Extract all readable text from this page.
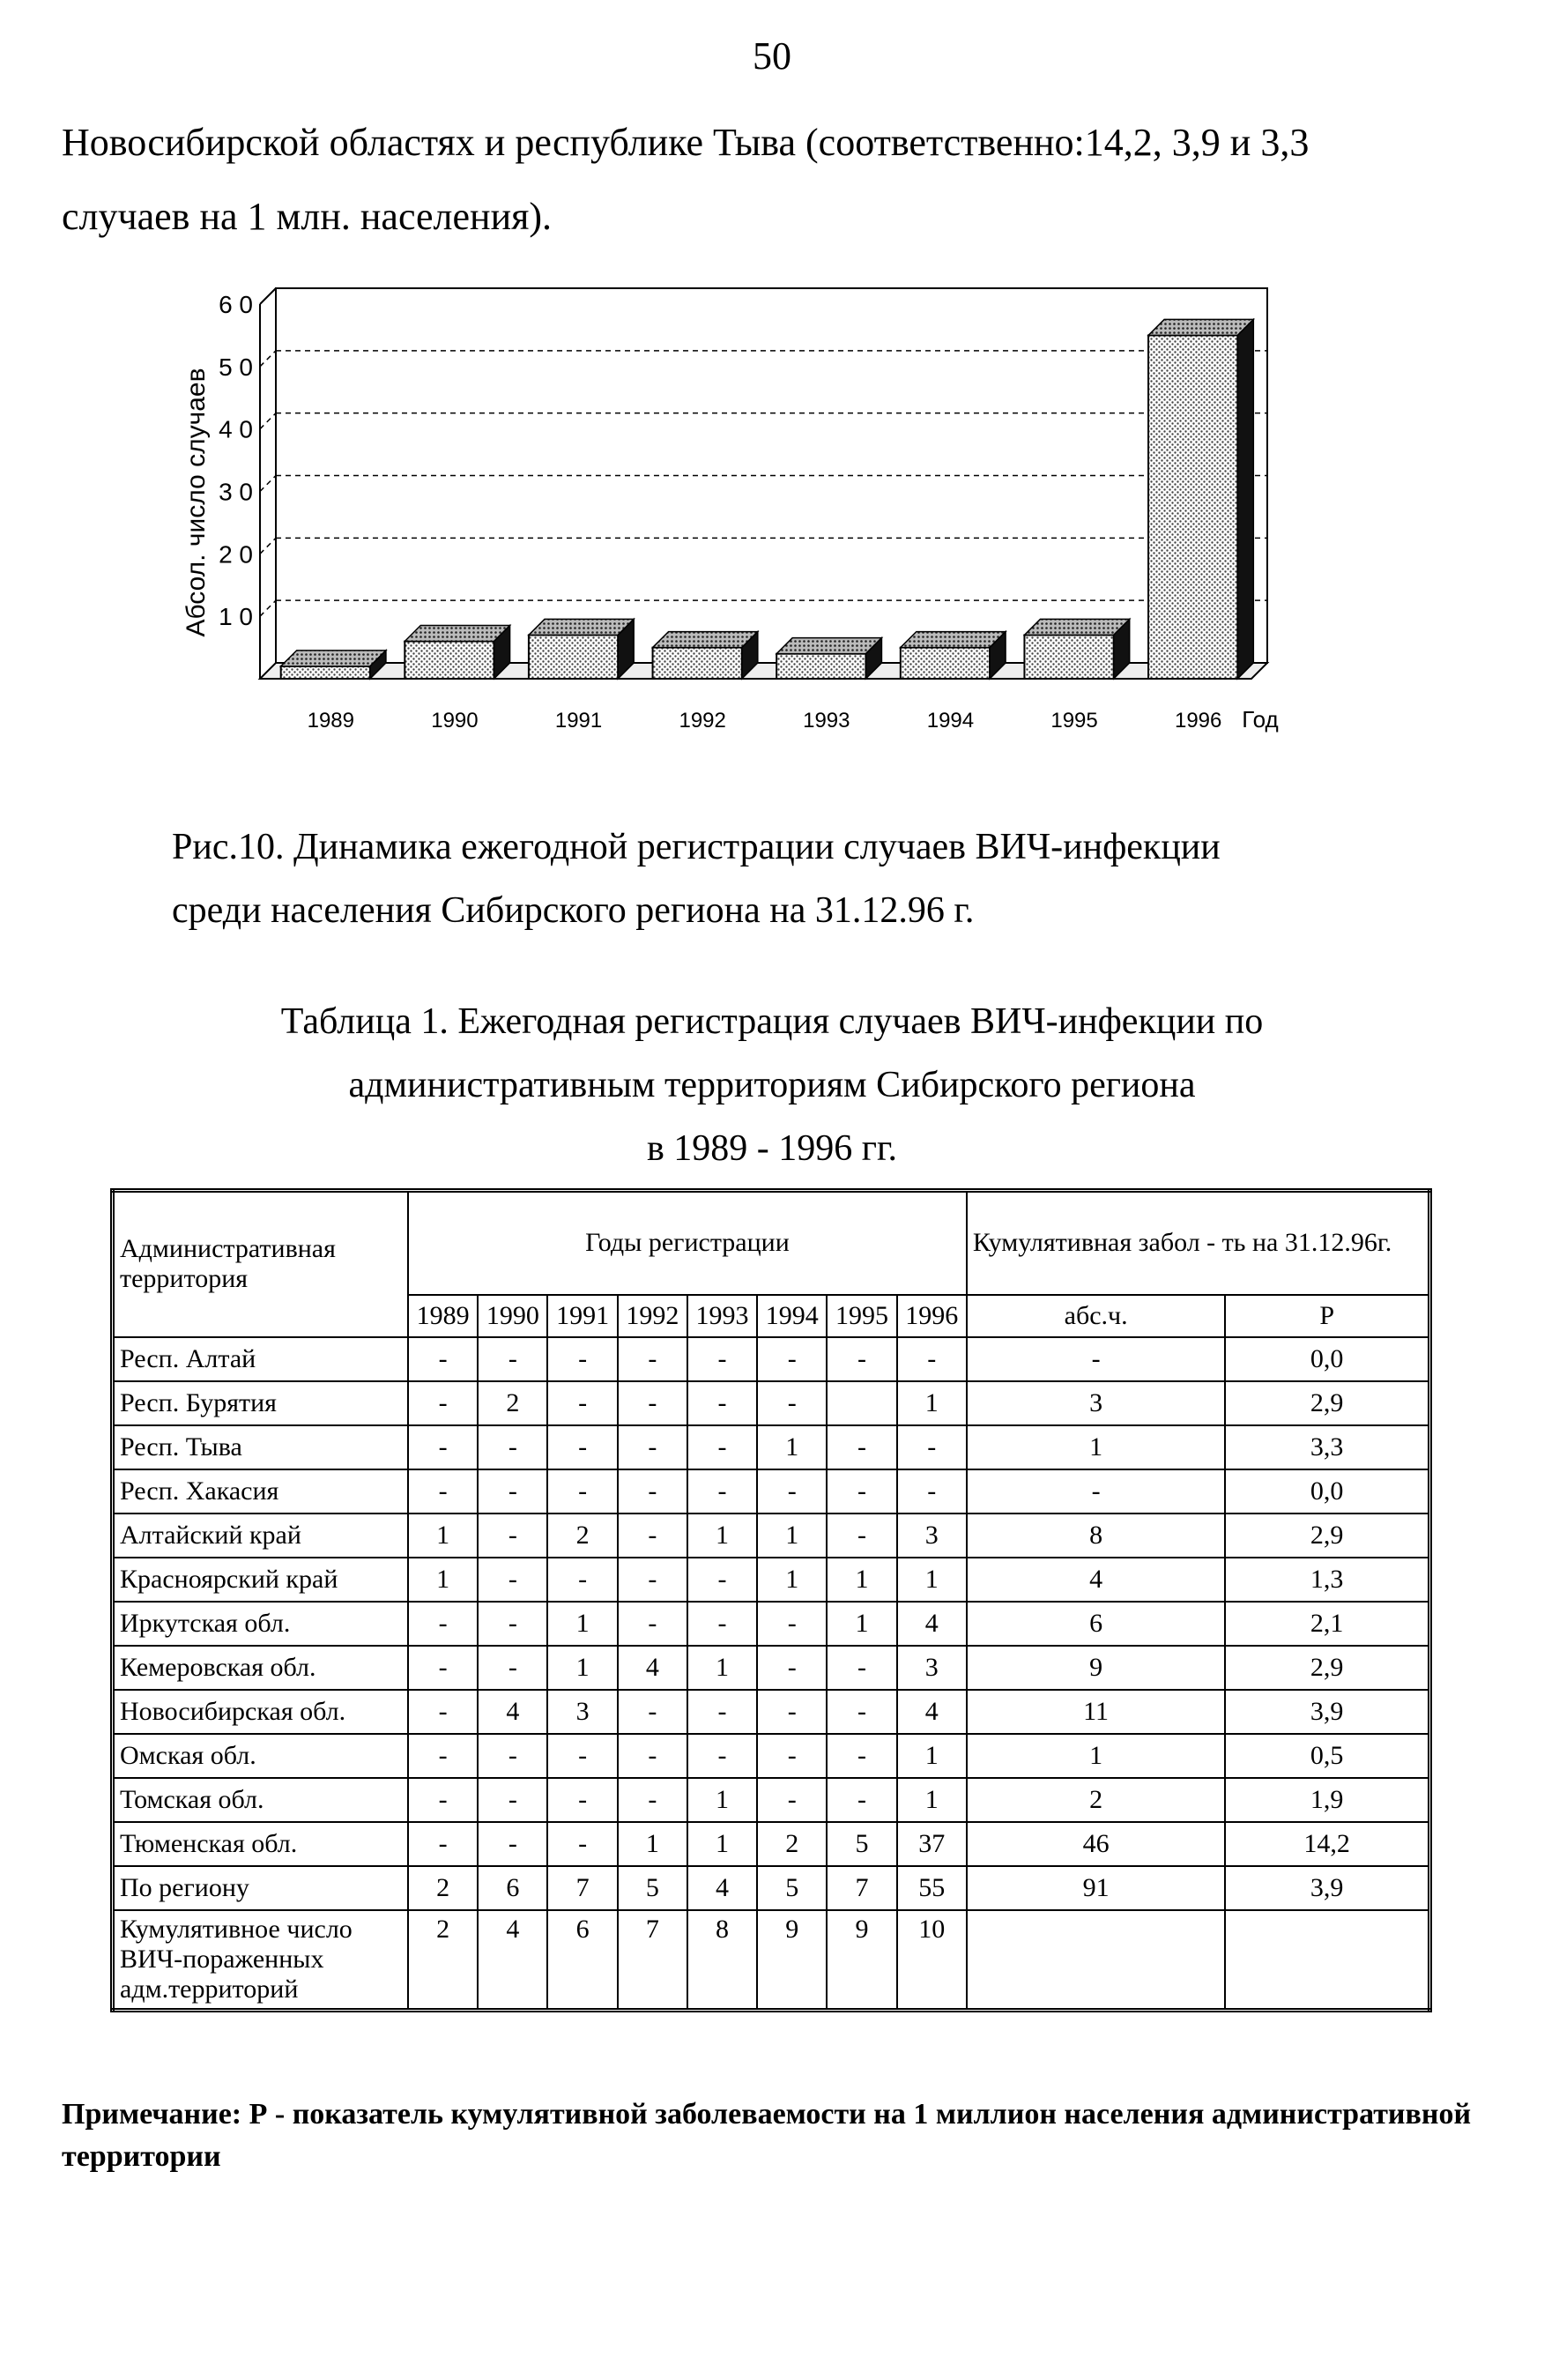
50
Новосибирской областях и республике Тыва (соответственно:14,2, 3,9 и 3,3
случаев на 1 млн. населения).
Абсол. число случаев
Год
6 0
5 0
4 0
3 0
2 0
1 0
1989	1990	1991	1992	1993	1994	1995	1996
Рис.10. Динамика ежегодной регистрации случаев ВИЧ-инфекции
среди населения Сибирского региона на 31.12.96 г.
Таблица 1. Ежегодная регистрация случаев ВИЧ-инфекции по
административным территориям Сибирского региона
в 1989 - 1996 гг.
Административная территория	Годы регистрации								Кумулятивная забол - ть на 31.12.96г.	
	1989	1990	1991	1992	1993	1994	1995	1996	абс.ч.	Р
Респ. Алтай	-	-	-	-	-	-	-	-	-	0,0
Респ. Бурятия	-	2	-	-	-	-		1	3	2,9
Респ. Тыва	-	-	-	-	-	1	-	-	1	3,3
Респ. Хакасия	-	-	-	-	-	-	-	-	-	0,0
Алтайский край	1	-	2	-	1	1	-	3	8	2,9
Красноярский край	1	-	-	-	-	1	1	1	4	1,3
Иркутская обл.	-	-	1	-	-	-	1	4	6	2,1
Кемеровская обл.	-	-	1	4	1	-	-	3	9	2,9
Новосибирская обл.	-	4	3	-	-	-	-	4	11	3,9
Омская обл.	-	-	-	-	-	-	-	1	1	0,5
Томская обл.	-	-	-	-	1	-	-	1	2	1,9
Тюменская обл.	-	-	-	1	1	2	5	37	46	14,2
По региону	2	6	7	5	4	5	7	55	91	3,9
Кумулятивное число ВИЧ-пораженных адм.территорий	2	4	6	7	8	9	9	10		
Примечание: Р - показатель кумулятивной заболеваемости на 1 миллион населения административной территории
